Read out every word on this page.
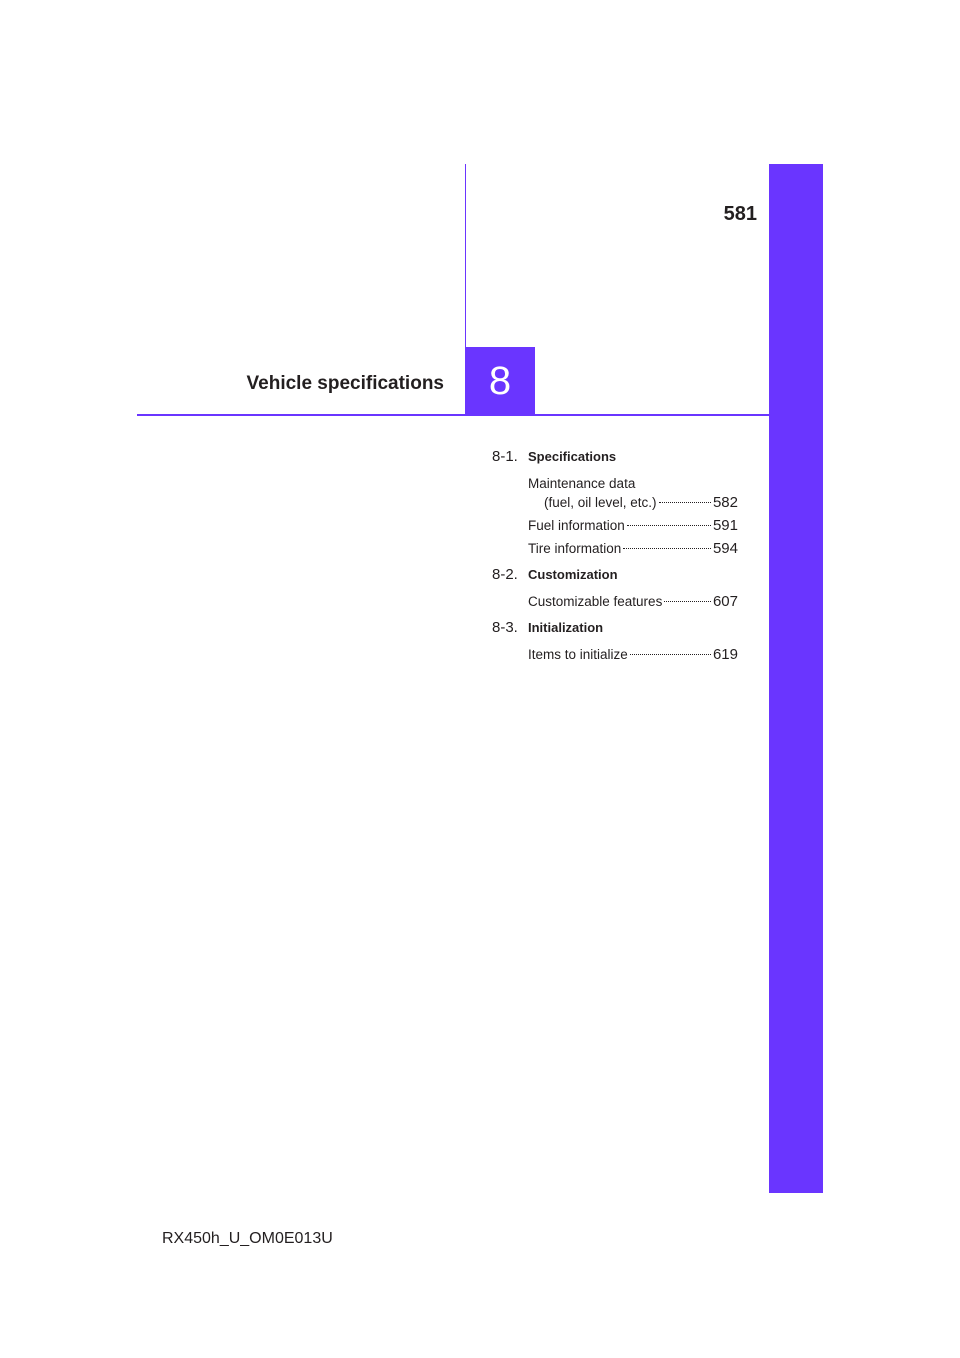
581
Vehicle specifications	8
8-1. Specifications
Maintenance data
(fuel, oil level, etc.)	582
Fuel information	591
Tire information	594
8-2. Customization
Customizable features	607
8-3. Initialization
Items to initialize	619
RX450h_U_OM0E013U
